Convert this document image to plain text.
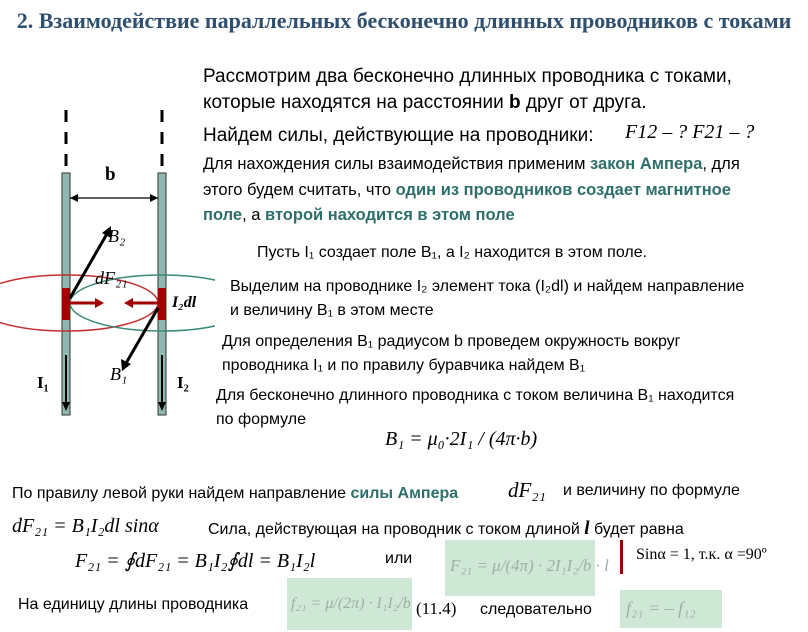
2. Взаимодействие параллельных бесконечно длинных проводников с токами
Рассмотрим два бесконечно длинных проводника с токами,
которые находятся на расстоянии b друг от друга.
Найдем силы, действующие на проводники: F12 – ? F21 – ?
Для нахождения силы взаимодействия применим закон Ампера, для
этого будем считать, что один из проводников создает магнитное
поле, а второй находится в этом поле
Пусть I₁ создает поле B₁, а I₂ находится в этом поле.
Выделим на проводнике I₂ элемент тока (I₂dl) и найдем направление
и величину B₁ в этом месте
Для определения B₁ радиусом b проведем окружность вокруг
проводника I₁ и по правилу буравчика найдем B₁
Для бесконечно длинного проводника с током величина B₁ находится
по формуле
B₁ = μ₀·2I₁ / (4π·b)
b
B₂
dF₂₁
I₂dl
B₁
I₁	I₂
По правилу левой руки найдем направление силы Ампера dF₂₁ и величину по формуле
dF₂₁ = B₁I₂dl sinα	Сила, действующая на проводник с током длиной l будет равна
F₂₁ = ∮dF₂₁ = B₁I₂∮dl = B₁I₂l	или F₂₁ = μ/(4π) · 2I₁I₂/b · l
Sinα = 1, т.к. α =90º
На единицу длины проводника	f₂₁ = μ/(2π) · I₁I₂/b (11.4) следовательно f₂₁ = – f₁₂
